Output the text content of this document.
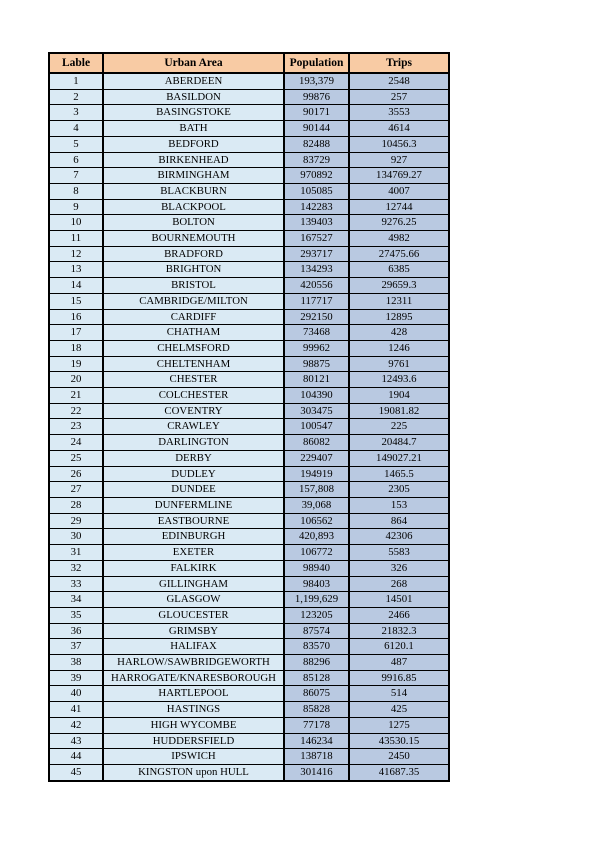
Lable	Urban Area	Population	Trips
1	ABERDEEN	193,379	2548
2	BASILDON	99876	257
3	BASINGSTOKE	90171	3553
4	BATH	90144	4614
5	BEDFORD	82488	10456.3
6	BIRKENHEAD	83729	927
7	BIRMINGHAM	970892	134769.27
8	BLACKBURN	105085	4007
9	BLACKPOOL	142283	12744
10	BOLTON	139403	9276.25
11	BOURNEMOUTH	167527	4982
12	BRADFORD	293717	27475.66
13	BRIGHTON	134293	6385
14	BRISTOL	420556	29659.3
15	CAMBRIDGE/MILTON	117717	12311
16	CARDIFF	292150	12895
17	CHATHAM	73468	428
18	CHELMSFORD	99962	1246
19	CHELTENHAM	98875	9761
20	CHESTER	80121	12493.6
21	COLCHESTER	104390	1904
22	COVENTRY	303475	19081.82
23	CRAWLEY	100547	225
24	DARLINGTON	86082	20484.7
25	DERBY	229407	149027.21
26	DUDLEY	194919	1465.5
27	DUNDEE	157,808	2305
28	DUNFERMLINE	39,068	153
29	EASTBOURNE	106562	864
30	EDINBURGH	420,893	42306
31	EXETER	106772	5583
32	FALKIRK	98940	326
33	GILLINGHAM	98403	268
34	GLASGOW	1,199,629	14501
35	GLOUCESTER	123205	2466
36	GRIMSBY	87574	21832.3
37	HALIFAX	83570	6120.1
38	HARLOW/SAWBRIDGEWORTH	88296	487
39	HARROGATE/KNARESBOROUGH	85128	9916.85
40	HARTLEPOOL	86075	514
41	HASTINGS	85828	425
42	HIGH WYCOMBE	77178	1275
43	HUDDERSFIELD	146234	43530.15
44	IPSWICH	138718	2450
45	KINGSTON upon HULL	301416	41687.35
